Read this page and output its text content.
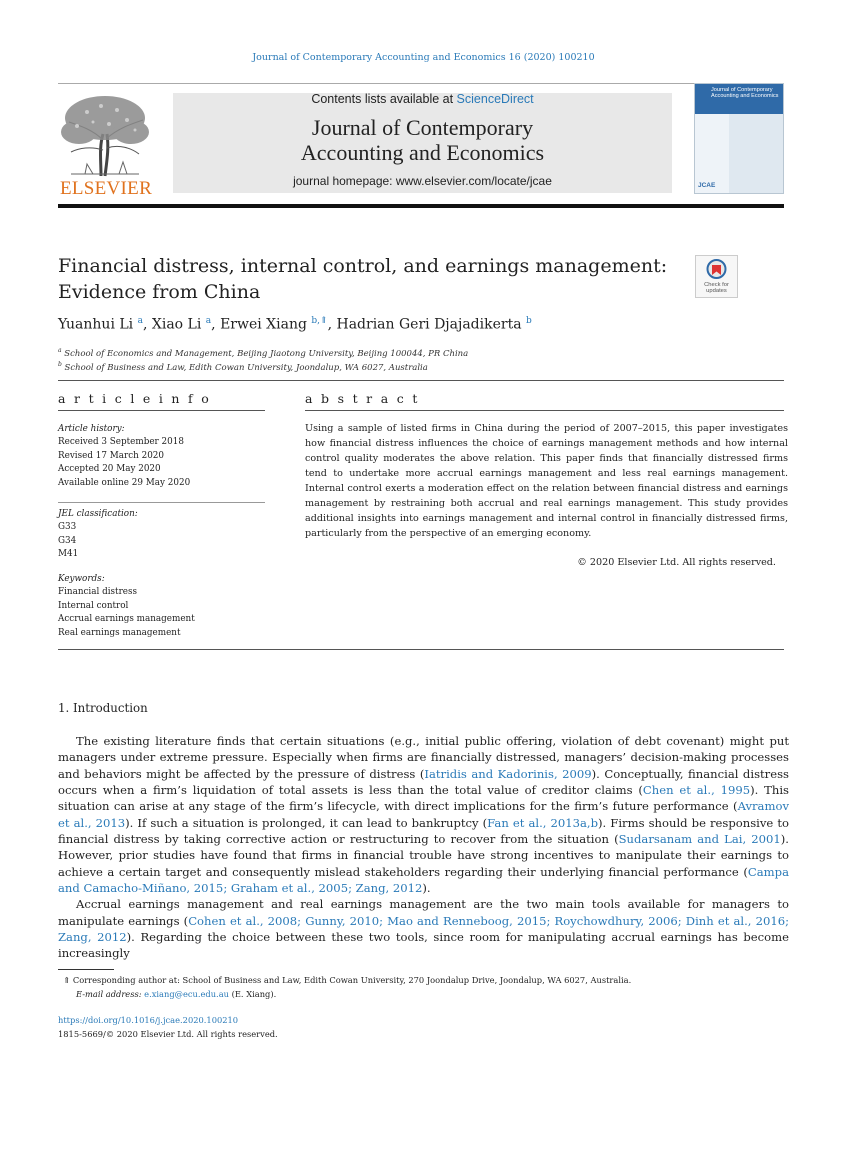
Journal of Contemporary Accounting and Economics 16 (2020) 100210
ELSEVIER
Contents lists available at ScienceDirect
Journal of Contemporary
Accounting and Economics
journal homepage: www.elsevier.com/locate/jcae
Journal of Contemporary Accounting and Economics
JCAE
Financial distress, internal control, and earnings management:
Evidence from China	Check for updates
Yuanhui Li $^a$, Xiao Li $^a$, Erwei Xiang $^{b,⇑}$, Hadrian Geri Djajadikerta $^b$
$^a$ School of Economics and Management, Beijing Jiaotong University, Beijing 100044, PR China
$^b$ School of Business and Law, Edith Cowan University, Joondalup, WA 6027, Australia
a r t i c l e i n f o	a b s t r a c t
Article history:
Received 3 September 2018
Revised 17 March 2020
Accepted 20 May 2020
Available online 29 May 2020
JEL classification:
G33
G34
M41
Keywords:
Financial distress
Internal control
Accrual earnings management
Real earnings management
Using a sample of listed firms in China during the period of 2007–2015, this paper investigates how financial distress influences the choice of earnings management methods and how internal control quality moderates the above relation. This paper finds that financially distressed firms tend to undertake more accrual earnings management and less real earnings management. Internal control exerts a moderation effect on the relation between financial distress and earnings management by restraining both accrual and real earnings management. This study provides additional insights into earnings management and internal control in financially distressed firms, particularly from the perspective of an emerging economy.
© 2020 Elsevier Ltd. All rights reserved.
1. Introduction

The existing literature finds that certain situations (e.g., initial public offering, violation of debt covenant) might put managers under extreme pressure. Especially when firms are financially distressed, managers’ decision-making processes and behaviors might be affected by the pressure of distress (Iatridis and Kadorinis, 2009). Conceptually, financial distress occurs when a firm’s liquidation of total assets is less than the total value of creditor claims (Chen et al., 1995). This situation can arise at any stage of the firm’s lifecycle, with direct implications for the firm’s future performance (Avramov et al., 2013). If such a situation is prolonged, it can lead to bankruptcy (Fan et al., 2013a,b). Firms should be responsive to financial distress by taking corrective action or restructuring to recover from the situation (Sudarsanam and Lai, 2001). However, prior studies have found that firms in financial trouble have strong incentives to manipulate their earnings to achieve a certain target and consequently mislead stakeholders regarding their underlying financial performance (Campa and Camacho-Miñano, 2015; Graham et al., 2005; Zang, 2012).

Accrual earnings management and real earnings management are the two main tools available for managers to manipulate earnings (Cohen et al., 2008; Gunny, 2010; Mao and Renneboog, 2015; Roychowdhury, 2006; Dinh et al., 2016; Zang, 2012). Regarding the choice between these two tools, since room for manipulating accrual earnings has become increasingly

⇑ Corresponding author at: School of Business and Law, Edith Cowan University, 270 Joondalup Drive, Joondalup, WA 6027, Australia.
E-mail address: e.xiang@ecu.edu.au (E. Xiang).
https://doi.org/10.1016/j.jcae.2020.100210
1815-5669/© 2020 Elsevier Ltd. All rights reserved.
